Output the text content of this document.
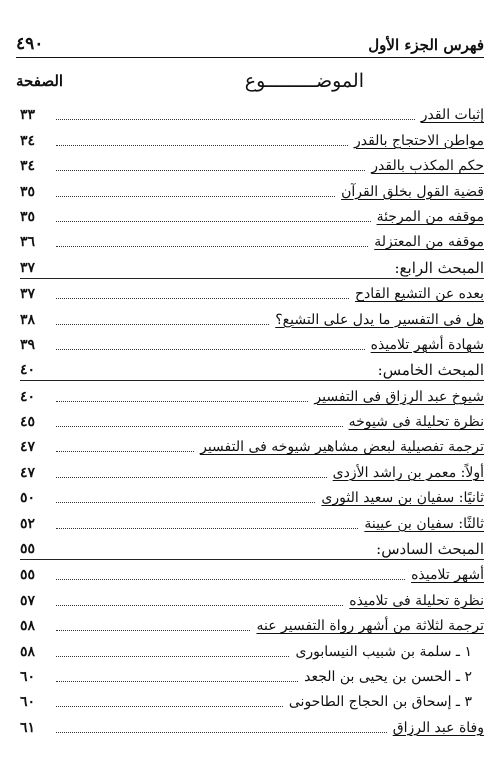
فهرس الجزء الأول
٤٩٠
الموضـــــــــوع
الصفحة
إثبات القدر
٣٣
مواطن الاحتجاج بالقدر
٣٤
حكم المكذب بالقدر
٣٤
قضية القول بخلق القرآن
٣٥
موقفه من المرجئة
٣٥
موقفه من المعتزلة
٣٦
المبحث الرابع:
٣٧
بعده عن التشيع القادح
٣٧
هل فى التفسير ما يدل على التشيع؟
٣٨
شهادة أشهر تلاميذه
٣٩
المبحث الخامس:
٤٠
شيوخ عبد الرزاق فى التفسير
٤٠
نظرة تحليلة فى شيوخه
٤٥
ترجمة تفصيلية لبعض مشاهير شيوخه فى التفسير
٤٧
أولاً: معمر بن راشد الأزدى
٤٧
ثانيًا: سفيان بن سعيد الثورى
٥٠
ثالثًا: سفيان بن عيينة
٥٢
المبحث السادس:
٥٥
أشهر تلاميذه
٥٥
نظرة تحليلة فى تلاميذه
٥٧
ترجمة لثلاثة من أشهر رواة التفسير عنه
٥٨
١ ـ سلمة بن شبيب النيسابورى
٥٨
٢ ـ الحسن بن يحيى بن الجعد
٦٠
٣ ـ إسحاق بن الحجاج الطاحونى
٦٠
وفاة عبد الرزاق
٦١
